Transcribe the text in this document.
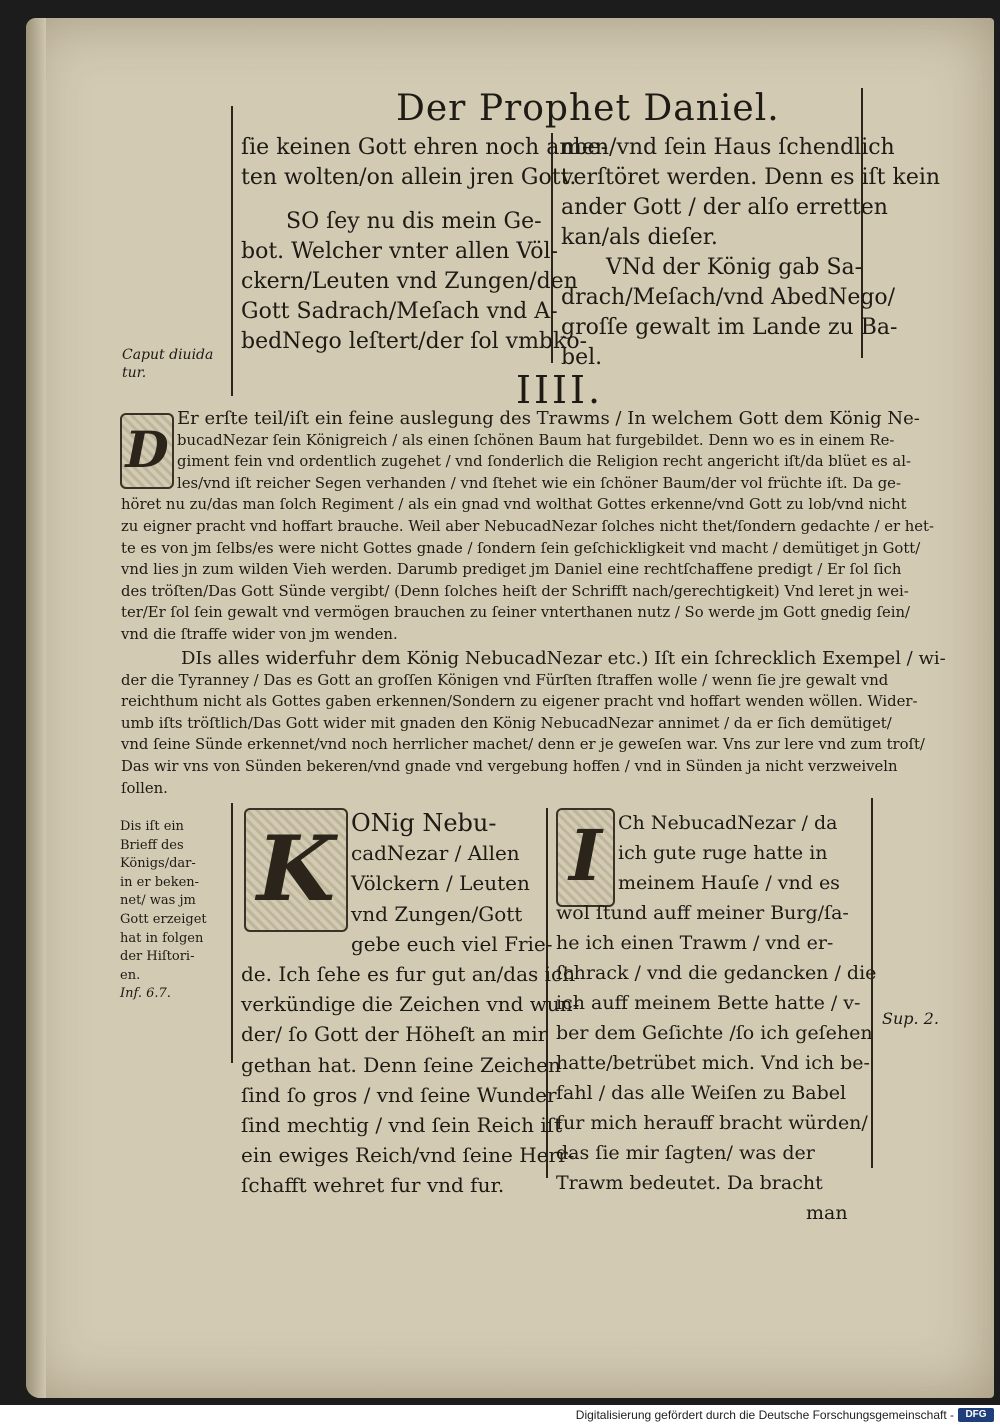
Der Prophet Daniel.
ſie keinen Gott ehren noch anbe-
ten wolten/on allein jren Gott.
SO ſey nu dis mein Ge-
bot. Welcher vnter allen Völ-
ckern/Leuten vnd Zungen/den
Gott Sadrach/Meſach vnd A-
bedNego leſtert/der ſol vmbko-
men/vnd ſein Haus ſchendlich
verſtöret werden. Denn es iſt kein
ander Gott / der alſo erretten
kan/als dieſer.
VNd der König gab Sa-
drach/Meſach/vnd AbedNego/
groſſe gewalt im Lande zu Ba-
bel.
Caput diuida
tur.	IIII.
D
Er erſte teil/iſt ein feine auslegung des Trawms / In welchem Gott dem König Ne-
bucadNezar ſein Königreich / als einen ſchönen Baum hat furgebildet. Denn wo es in einem Re-
giment fein vnd ordentlich zugehet / vnd ſonderlich die Religion recht angericht iſt/da blüet es al-
les/vnd iſt reicher Segen verhanden / vnd ſtehet wie ein ſchöner Baum/der vol früchte iſt. Da ge-
höret nu zu/das man ſolch Regiment / als ein gnad vnd wolthat Gottes erkenne/vnd Gott zu lob/vnd nicht
zu eigner pracht vnd hoffart brauche. Weil aber NebucadNezar ſolches nicht thet/ſondern gedachte / er het-
te es von jm ſelbs/es were nicht Gottes gnade / ſondern ſein geſchickligkeit vnd macht / demütiget jn Gott/
vnd lies jn zum wilden Vieh werden. Darumb prediget jm Daniel eine rechtſchaffene predigt / Er ſol ſich
des tröſten/Das Gott Sünde vergibt/ (Denn ſolches heiſt der Schrifft nach/gerechtigkeit) Vnd leret jn wei-
ter/Er ſol ſein gewalt vnd vermögen brauchen zu ſeiner vnterthanen nutz / So werde jm Gott gnedig ſein/
vnd die ſtraffe wider von jm wenden.
DIs alles widerfuhr dem König NebucadNezar etc.) Iſt ein ſchrecklich Exempel / wi-
der die Tyranney / Das es Gott an groſſen Königen vnd Fürſten ſtraffen wolle / wenn ſie jre gewalt vnd
reichthum nicht als Gottes gaben erkennen/Sondern zu eigener pracht vnd hoffart wenden wöllen. Wider-
umb iſts tröſtlich/Das Gott wider mit gnaden den König NebucadNezar annimet / da er ſich demütiget/
vnd ſeine Sünde erkennet/vnd noch herrlicher machet/ denn er je geweſen war. Vns zur lere vnd zum troſt/
Das wir vns von Sünden bekeren/vnd gnade vnd vergebung hoffen / vnd in Sünden ja nicht verzweiveln
ſollen.
Dis iſt ein
Brieff des
Königs/dar-
in er beken-
net/ was jm
Gott erzeiget
hat in folgen
der Hiſtori-
en.
Inf. 6.7.
K ONig Nebu-
cadNezar / Allen
Völckern / Leuten
vnd Zungen/Gott
gebe euch viel Frie-
de. Ich ſehe es fur gut an/das ich
verkündige die Zeichen vnd wun-
der/ ſo Gott der Höheſt an mir
gethan hat. Denn ſeine Zeichen
ſind ſo gros / vnd ſeine Wunder
ſind mechtig / vnd ſein Reich iſt
ein ewiges Reich/vnd ſeine Herr-
ſchafft wehret fur vnd fur.
I Ch NebucadNezar / da
ich gute ruge hatte in
meinem Hauſe / vnd es
wol ſtund auff meiner Burg/ſa-
he ich einen Trawm / vnd er-
ſchrack / vnd die gedancken / die
ich auff meinem Bette hatte / v-
ber dem Geſichte /ſo ich geſehen
hatte/betrübet mich. Vnd ich be-
fahl / das alle Weiſen zu Babel
fur mich herauff bracht würden/
das ſie mir ſagten/ was der
Trawm bedeutet. Da bracht
man
Sup. 2.
Digitalisierung gefördert durch die Deutsche Forschungsgemeinschaft -	DFG
